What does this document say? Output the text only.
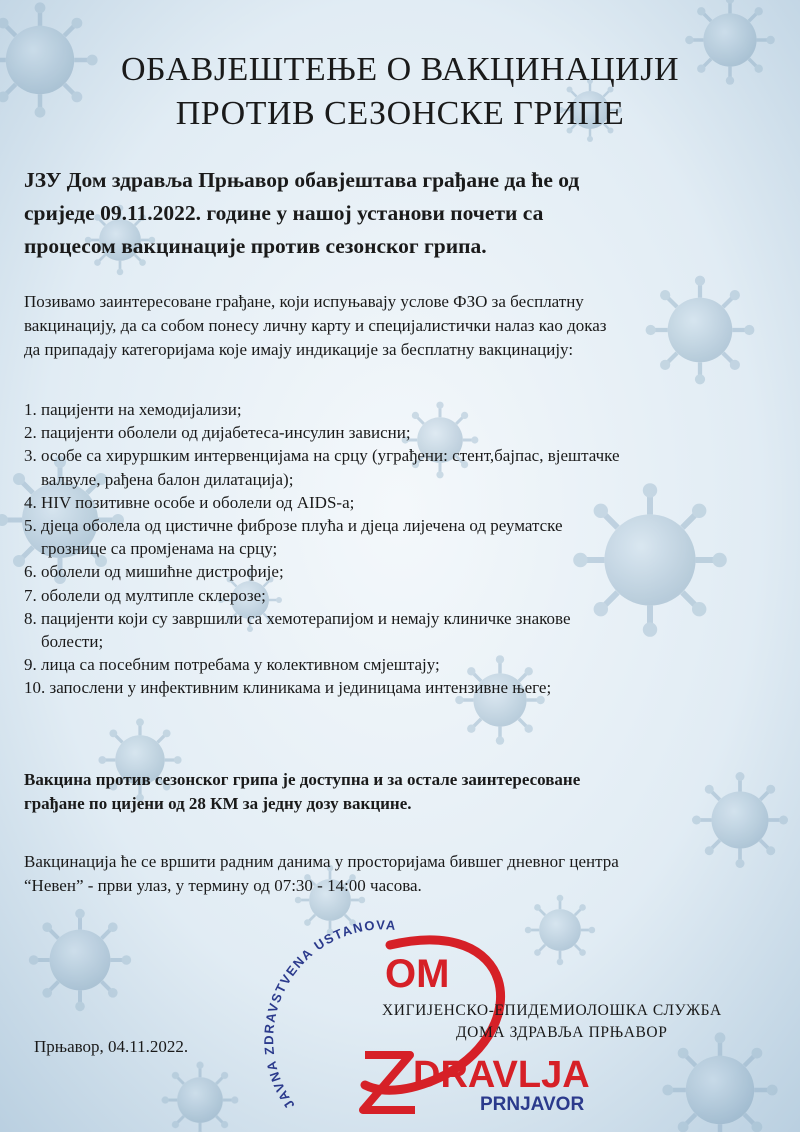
ОБАВЈЕШТЕЊЕ О ВАКЦИНАЦИЈИ
ПРОТИВ СЕЗОНСКЕ ГРИПЕ
ЈЗУ Дом здравља Прњавор обавјештава грађане да ће од
сриједе 09.11.2022. године у нашој установи почети са
процесом вакцинације против сезонског грипа.
Позивамо заинтересоване грађане, који испуњавају услове ФЗО за бесплатну
вакцинацију, да са собом понесу личну карту и специјалистички налаз као доказ
да припадају категоријама које имају индикације за бесплатну вакцинацију:
1. пацијенти на хемодијализи;
2. пацијенти оболели од дијабетеса-инсулин зависни;
3. особе са хируршким интервенцијама на срцу (уграђени: стент,бајпас, вјештачке
валвуле, рађена балон дилатација);
4. HIV позитивне особе и оболели од AIDS-а;
5. дјеца оболела од цистичне фиброзе плућа и дјеца лијечена од реуматске
грознице са промјенама на срцу;
6. оболели од мишићне дистрофије;
7. оболели од мултипле склерозе;
8. пацијенти који су завршили са хемотерапијом и немају клиничке знакове
болести;
9. лица са посебним потребама у колективном смјештају;
10. запослени у инфективним клиникама и јединицама интензивне његе;
Вакцина против сезонског грипа је доступна и за остале заинтересоване
грађане по цијени од 28 КМ за једну дозу вакцине.
Вакцинација ће се вршити радним данима у просторијама бившег дневног центра
“Невен” - први улаз, у термину од 07:30 - 14:00 часова.
JAVNA ZDRAVSTVENA USTANOVA
OM
DRAVLJA
PRNJAVOR
Прњавор, 04.11.2022.
ХИГИЈЕНСКО-ЕПИДЕМИОЛОШКА СЛУЖБА
ДОМА ЗДРАВЉА ПРЊАВОР
